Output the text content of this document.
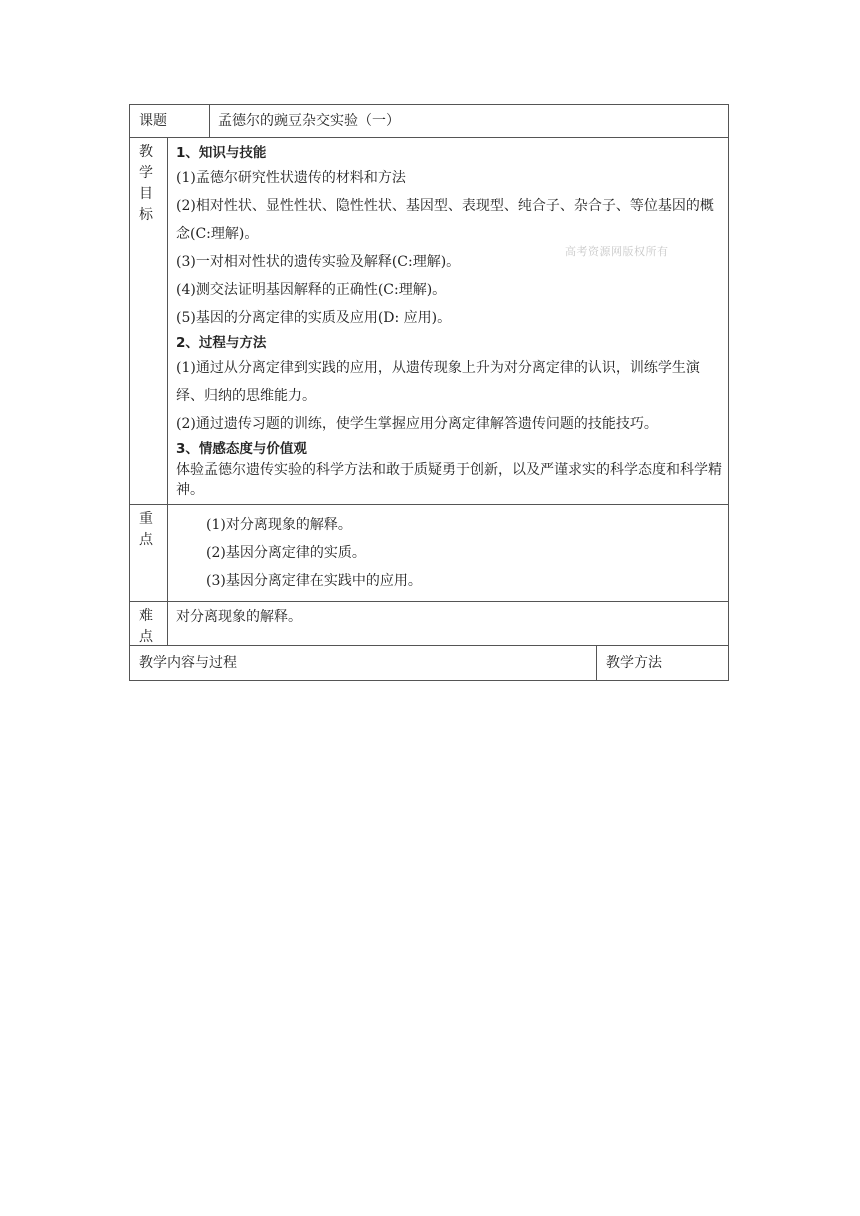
高考资源网版权所有
课题	孟德尔的豌豆杂交实验（一）
教
学
目
标

1、知识与技能

(1)孟德尔研究性状遗传的材料和方法

(2)相对性状、显性性状、隐性性状、基因型、表现型、纯合子、杂合子、等位基因的概念(C:理解)。

(3)一对相对性状的遗传实验及解释(C:理解)。

(4)测交法证明基因解释的正确性(C:理解)。

(5)基因的分离定律的实质及应用(D: 应用)。

2、过程与方法

(1)通过从分离定律到实践的应用，从遗传现象上升为对分离定律的认识，训练学生演绎、归纳的思维能力。

(2)通过遗传习题的训练，使学生掌握应用分离定律解答遗传问题的技能技巧。

3、情感态度与价值观

体验孟德尔遗传实验的科学方法和敢于质疑勇于创新，以及严谨求实的科学态度和科学精神。

重
点

(1)对分离现象的解释。

(2)基因分离定律的实质。

(3)基因分离定律在实践中的应用。

难
点
对分离现象的解释。
教学内容与过程	教学方法
